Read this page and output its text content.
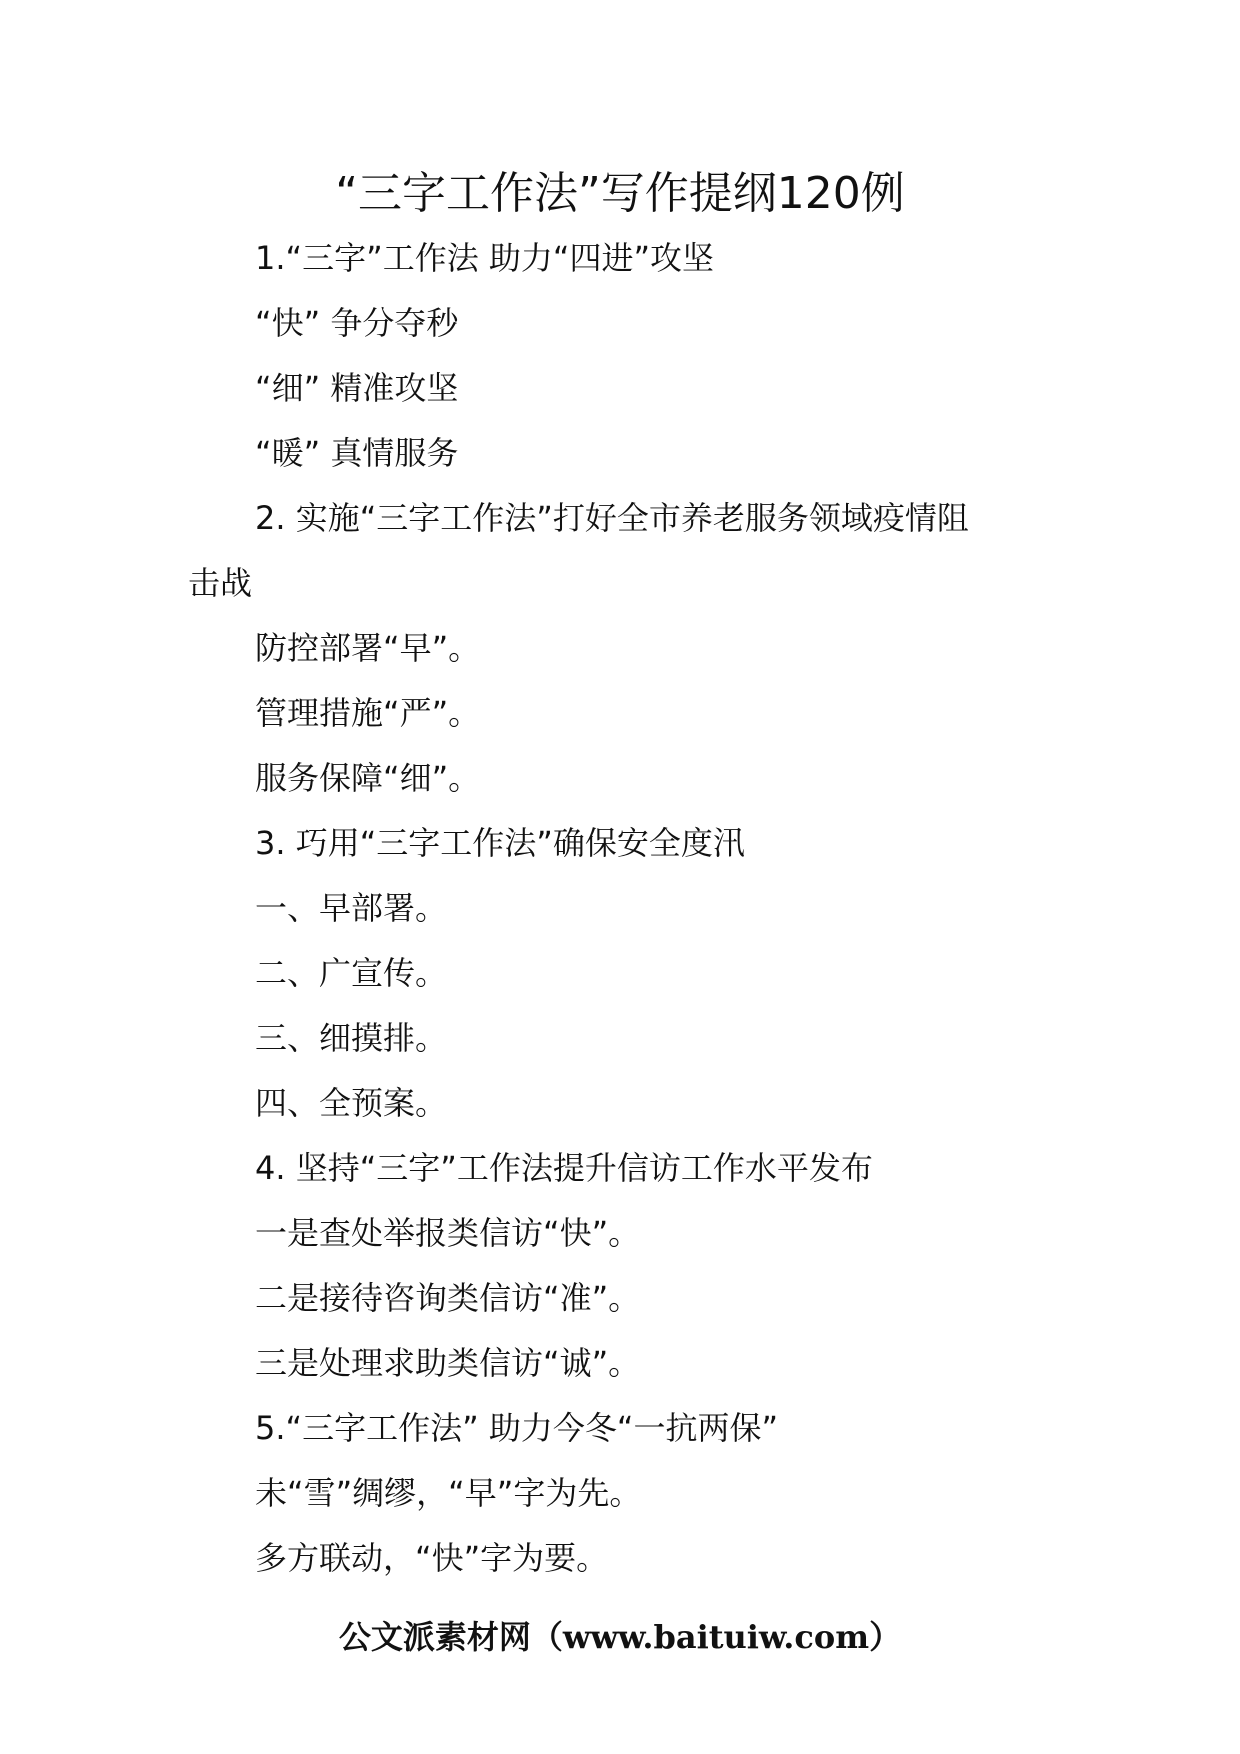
“三字工作法”写作提纲120例

1.“三字”工作法 助力“四进”攻坚

“快” 争分夺秒

“细” 精准攻坚

“暖” 真情服务

2. 实施“三字工作法”打好全市养老服务领域疫情阻

击战

防控部署“早”。

管理措施“严”。

服务保障“细”。

3. 巧用“三字工作法”确保安全度汛

一、早部署。

二、广宣传。

三、细摸排。

四、全预案。

4. 坚持“三字”工作法提升信访工作水平发布

一是查处举报类信访“快”。

二是接待咨询类信访“准”。

三是处理求助类信访“诚”。

5.“三字工作法” 助力今冬“一抗两保”

未“雪”绸缪，“早”字为先。

多方联动，“快”字为要。

公文派素材网（www.baituiw.com）
